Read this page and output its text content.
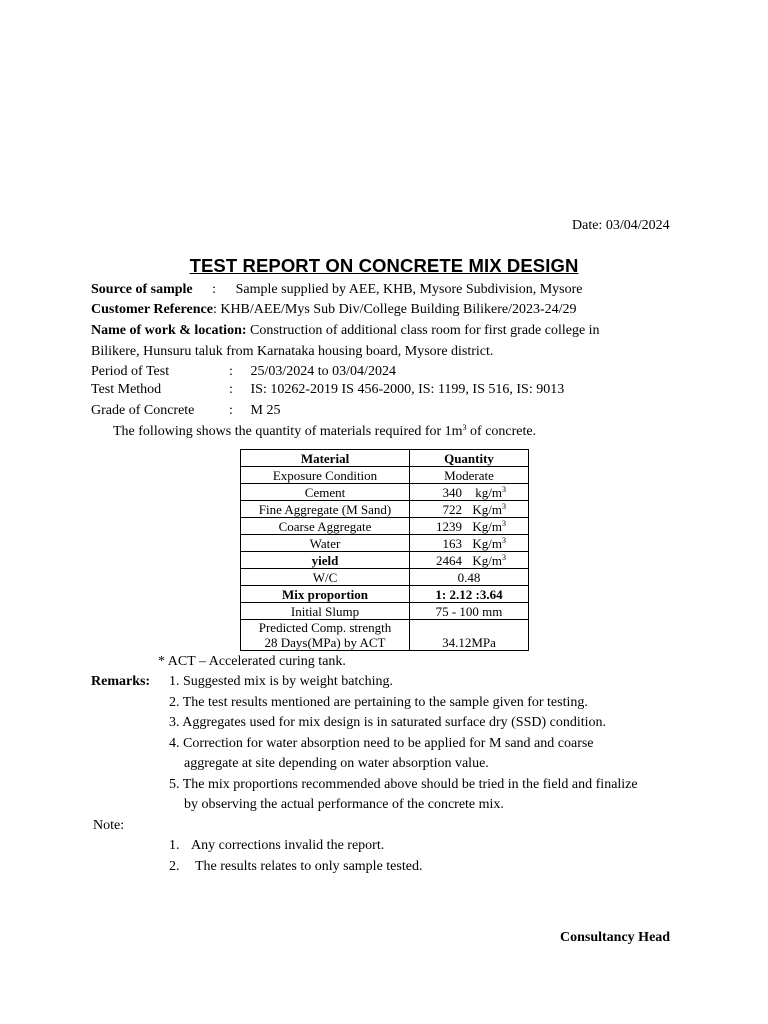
Date: 03/04/2024
TEST REPORT ON CONCRETE MIX DESIGN
Source of sample : Sample supplied by AEE, KHB, Mysore Subdivision, Mysore
Customer Reference: KHB/AEE/Mys Sub Div/College Building Bilikere/2023-24/29
Name of work & location: Construction of additional class room for first grade college in
Bilikere, Hunsuru taluk from Karnataka housing board, Mysore district.
Period of Test	: 25/03/2024 to 03/04/2024
Test Method	: IS: 10262-2019 IS 456-2000, IS: 1199, IS 516, IS: 9013
Grade of Concrete : M 25
The following shows the quantity of materials required for $1m^3$ of concrete.
Material	Quantity
Exposure Condition	Moderate
Cement	340 $kg/m^3$
Fine Aggregate (M Sand)	722 $Kg/m^3$
Coarse Aggregate	1239 $Kg/m^3$
Water	163 $Kg/m^3$
yield	2464 $Kg/m^3$
W/C	0.48
Mix proportion	1: 2.12 :3.64
Initial Slump	75 - 100 mm

Predicted Comp. strength
28 Days(MPa) by ACT	34.12MPa
* ACT – Accelerated curing tank.
Remarks: 1. Suggested mix is by weight batching.
2. The test results mentioned are pertaining to the sample given for testing.
3. Aggregates used for mix design is in saturated surface dry (SSD) condition.
4. Correction for water absorption need to be applied for M sand and coarse
aggregate at site depending on water absorption value.
5. The mix proportions recommended above should be tried in the field and finalize
by observing the actual performance of the concrete mix.
Note:
1. Any corrections invalid the report.
2. The results relates to only sample tested.
Consultancy Head
